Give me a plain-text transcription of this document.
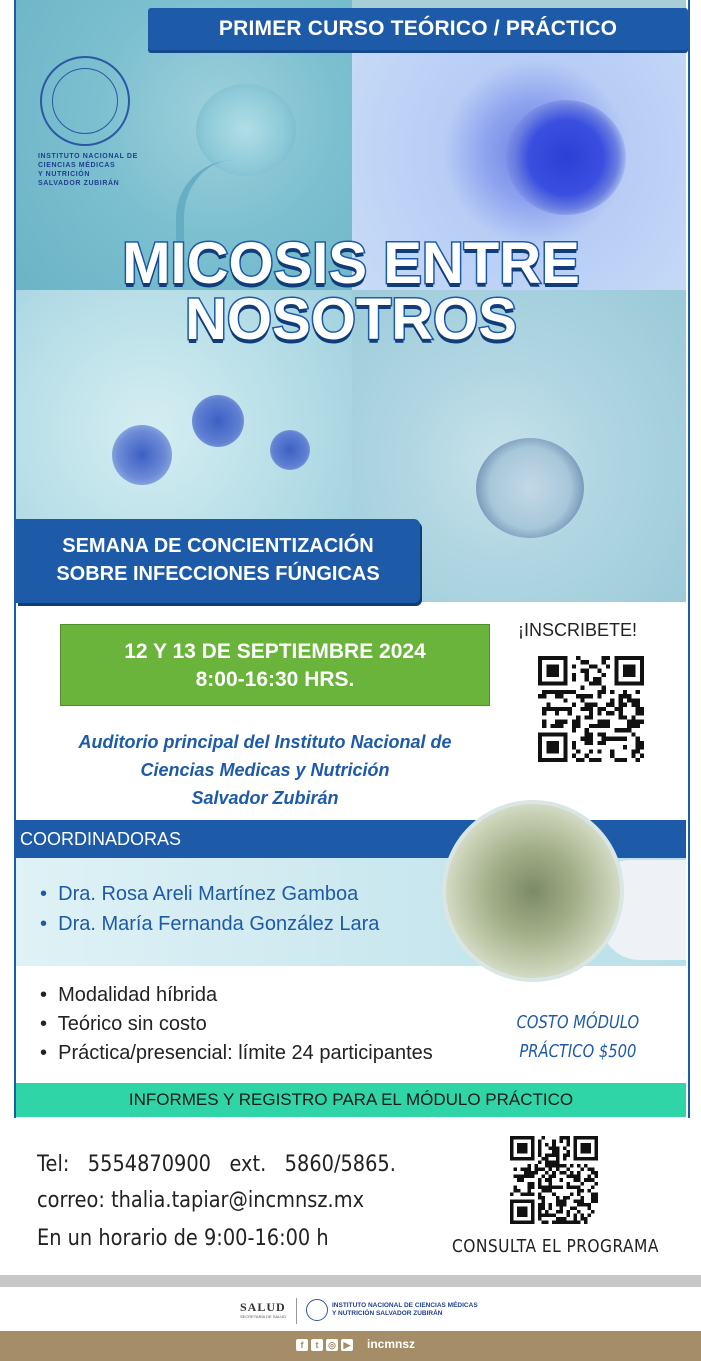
PRIMER CURSO TEÓRICO / PRÁCTICO
INSTITUTO NACIONAL DE
CIENCIAS MÉDICAS
Y NUTRICIÓN
SALVADOR ZUBIRÁN
MICOSIS ENTRE
NOSOTROS
SEMANA DE CONCIENTIZACIÓN
SOBRE INFECCIONES FÚNGICAS
12 Y 13 DE SEPTIEMBRE 2024
8:00-16:30 HRS.
¡INSCRIBETE!
Auditorio principal del Instituto Nacional de
Ciencias Medicas y Nutrición
Salvador Zubirán
COORDINADORAS
•  Dra. Rosa Areli Martínez Gamboa
•  Dra. María Fernanda González Lara
•  Modalidad híbrida
•  Teórico sin costo
•  Práctica/presencial: límite 24 participantes
COSTO MÓDULO
PRÁCTICO $500
INFORMES Y REGISTRO PARA EL MÓDULO PRÁCTICO
Tel:   5554870900   ext.   5860/5865.
correo: thalia.tapiar@incmnsz.mx
En un horario de 9:00-16:00 h	CONSULTA EL PROGRAMA
SALUD
SECRETARÍA DE SALUD
INSTITUTO NACIONAL DE CIENCIAS MÉDICAS
Y NUTRICIÓN SALVADOR ZUBIRÁN
f	t	◎ ▶ incmnsz
